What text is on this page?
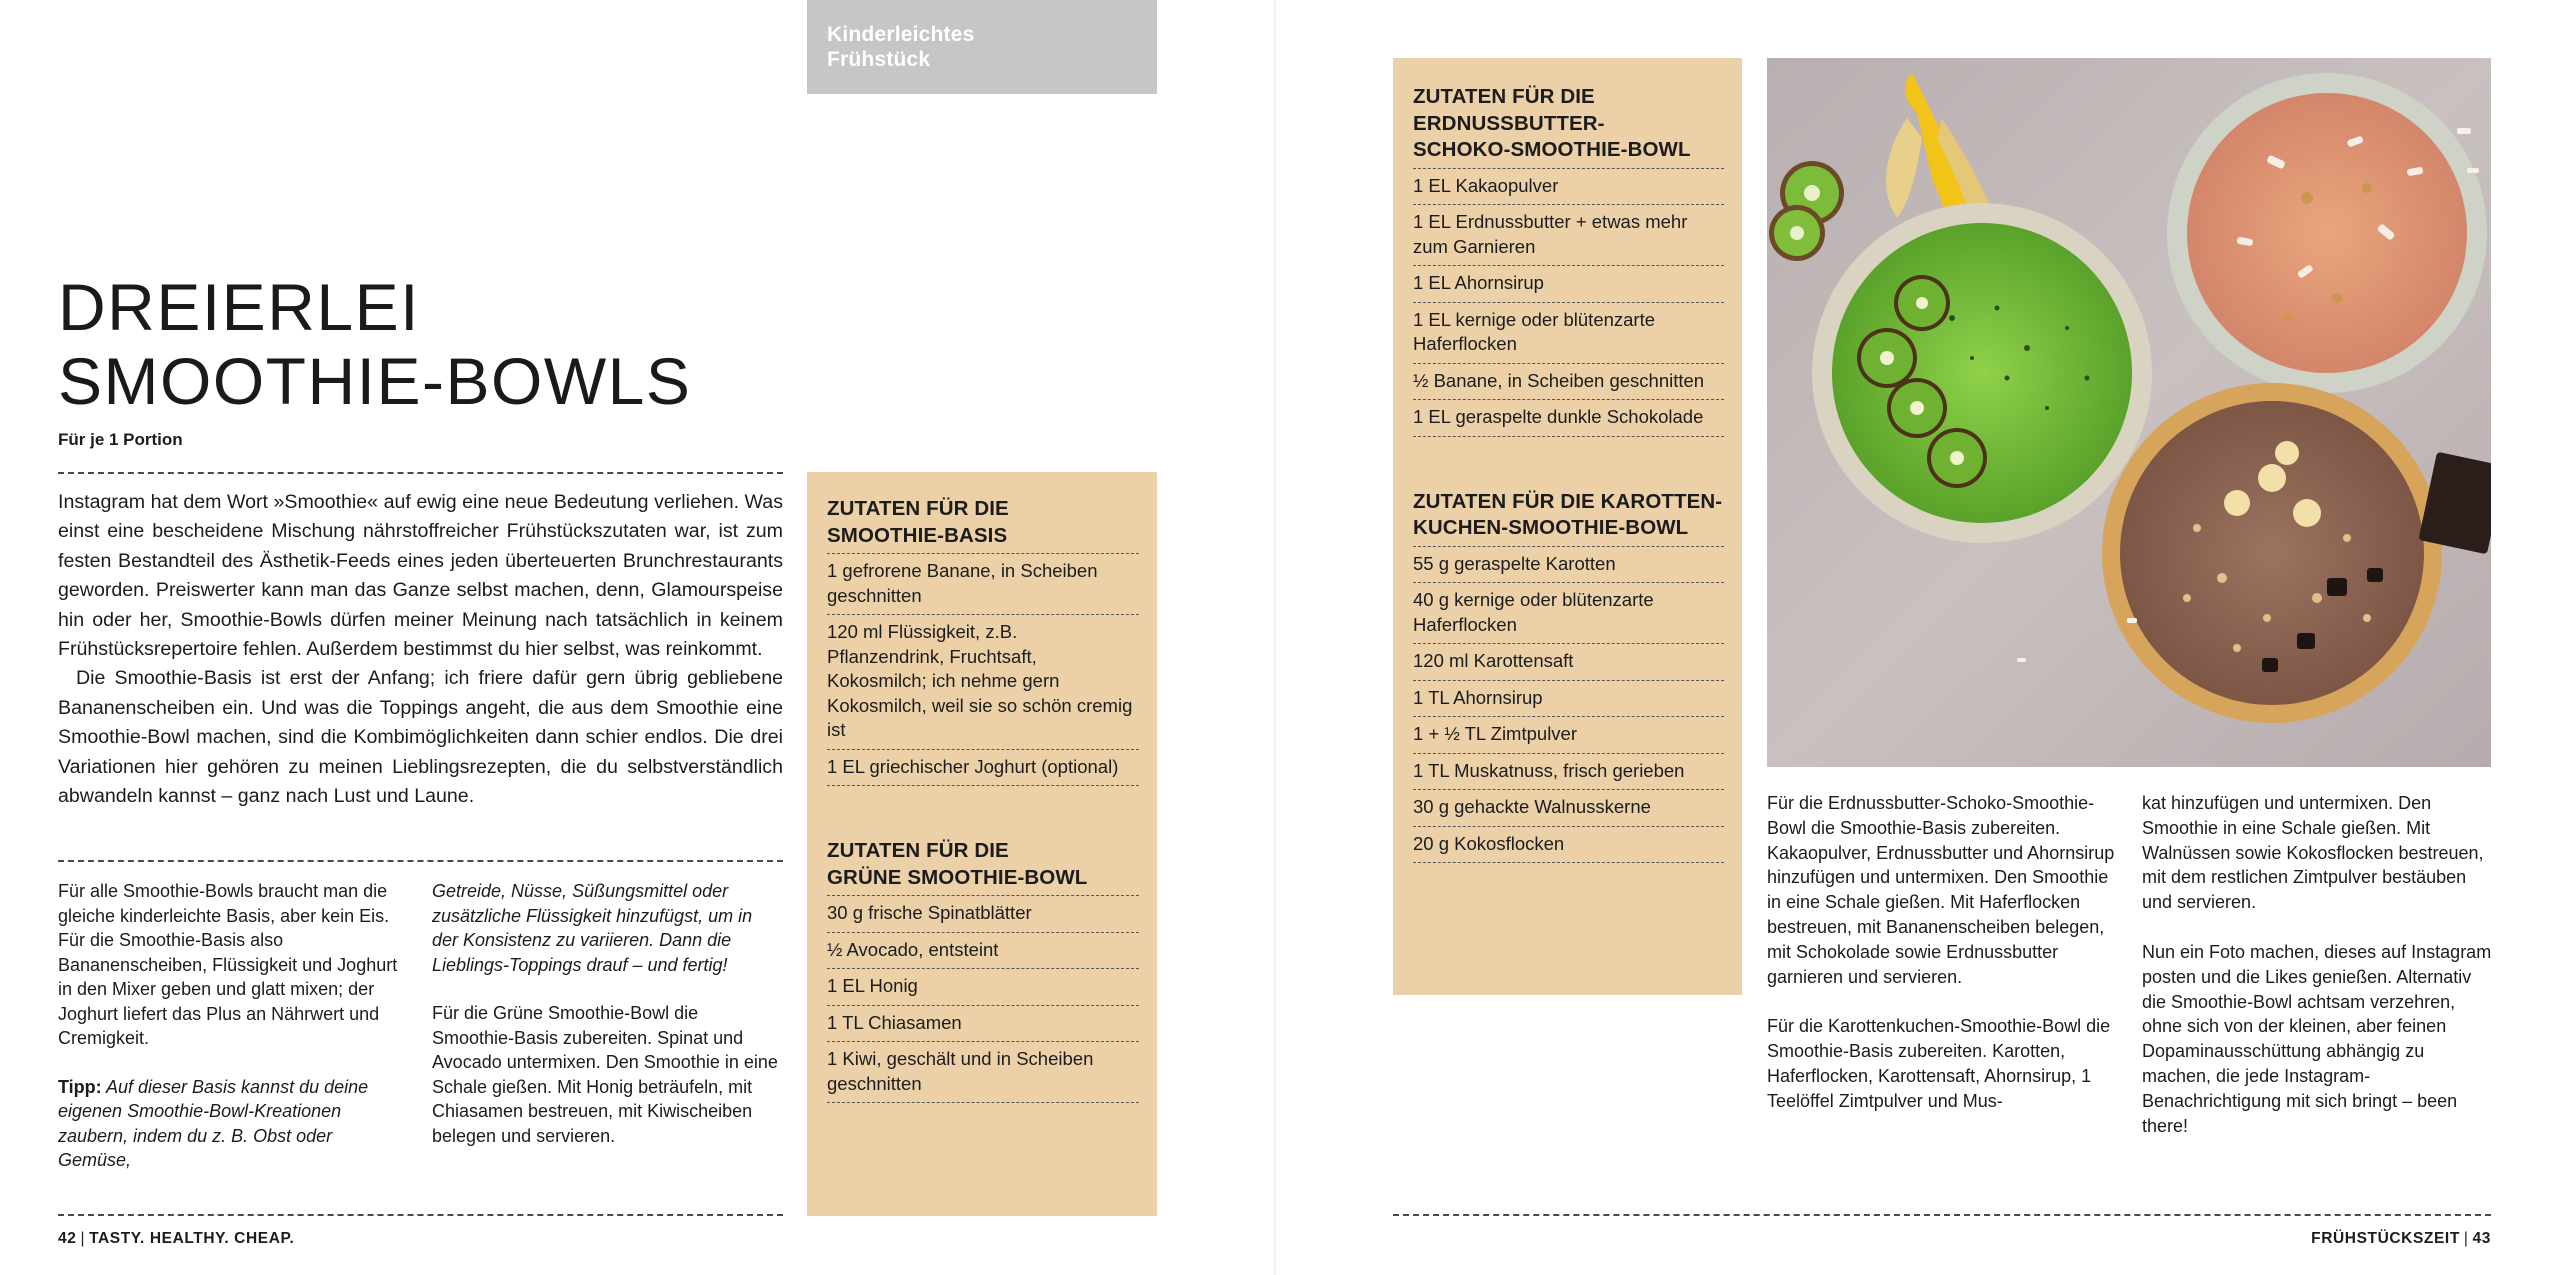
Kinderleichtes
Frühstück
DREIERLEI
SMOOTHIE-BOWLS
Für je 1 Portion

Instagram hat dem Wort »Smoothie« auf ewig eine neue Bedeutung verliehen. Was einst eine bescheidene Mischung nährstoffreicher Frühstückszutaten war, ist zum festen Bestandteil des Ästhetik-Feeds eines jeden überteuerten Brunchrestaurants geworden. Preiswerter kann man das Ganze selbst machen, denn, Glamourspeise hin oder her, Smoothie-Bowls dürfen meiner Meinung nach tatsächlich in keinem Frühstücksrepertoire fehlen. Außerdem bestimmst du hier selbst, was reinkommt.

Die Smoothie-Basis ist erst der Anfang; ich friere dafür gern übrig gebliebene Bananenscheiben ein. Und was die Toppings angeht, die aus dem Smoothie eine Smoothie-Bowl machen, sind die Kombimöglichkeiten dann schier endlos. Die drei Variationen hier gehören zu meinen Lieblingsrezepten, die du selbstverständlich abwandeln kannst – ganz nach Lust und Laune.

Für alle Smoothie-Bowls braucht man die gleiche kinderleichte Basis, aber kein Eis. Für die Smoothie-Basis also Bananenscheiben, Flüssigkeit und Joghurt in den Mixer geben und glatt mixen; der Joghurt liefert das Plus an Nährwert und Cremigkeit.

Tipp: Auf dieser Basis kannst du deine eigenen Smoothie-Bowl-Kreationen zaubern, indem du z. B. Obst oder Gemüse,

Getreide, Nüsse, Süßungsmittel oder zusätzliche Flüssigkeit hinzufügst, um in der Konsistenz zu variieren. Dann die Lieblings-Toppings drauf – und fertig!

Für die Grüne Smoothie-Bowl die Smoothie-Basis zubereiten. Spinat und Avocado untermixen. Den Smoothie in eine Schale gießen. Mit Honig beträufeln, mit Chiasamen bestreuen, mit Kiwischeiben belegen und servieren.

ZUTATEN FÜR DIE
SMOOTHIE-BASIS
1 gefrorene Banane, in Scheiben geschnitten
120 ml Flüssigkeit, z.B. Pflanzendrink, Fruchtsaft, Kokosmilch; ich nehme gern Kokosmilch, weil sie so schön cremig ist
1 EL griechischer Joghurt (optional)
ZUTATEN FÜR DIE
GRÜNE SMOOTHIE-BOWL
30 g frische Spinatblätter
½ Avocado, entsteint
1 EL Honig
1 TL Chiasamen
1 Kiwi, geschält und in Scheiben geschnitten
42 | TASTY. HEALTHY. CHEAP.
ZUTATEN FÜR DIE
ERDNUSSBUTTER-
SCHOKO-SMOOTHIE-BOWL
1 EL Kakaopulver
1 EL Erdnussbutter + etwas mehr zum Garnieren
1 EL Ahornsirup
1 EL kernige oder blütenzarte Haferflocken
½ Banane, in Scheiben geschnitten
1 EL geraspelte dunkle Schokolade
ZUTATEN FÜR DIE KAROTTEN-
KUCHEN-SMOOTHIE-BOWL
55 g geraspelte Karotten
40 g kernige oder blütenzarte Haferflocken
120 ml Karottensaft
1 TL Ahornsirup
1 + ½ TL Zimtpulver
1 TL Muskatnuss, frisch gerieben
30 g gehackte Walnusskerne
20 g Kokosflocken

Für die Erdnussbutter-Schoko-Smoothie-Bowl die Smoothie-Basis zubereiten. Kakaopulver, Erdnussbutter und Ahornsirup hinzufügen und untermixen. Den Smoothie in eine Schale gießen. Mit Haferflocken bestreuen, mit Bananenscheiben belegen, mit Schokolade sowie Erdnussbutter garnieren und servieren.

Für die Karottenkuchen-Smoothie-Bowl die Smoothie-Basis zubereiten. Karotten, Haferflocken, Karottensaft, Ahornsirup, 1 Teelöffel Zimtpulver und Mus-

kat hinzufügen und untermixen. Den Smoothie in eine Schale gießen. Mit Walnüssen sowie Kokosflocken bestreuen, mit dem restlichen Zimtpulver bestäuben und servieren.

Nun ein Foto machen, dieses auf Instagram posten und die Likes genießen. Alternativ die Smoothie-Bowl achtsam verzehren, ohne sich von der kleinen, aber feinen Dopaminausschüttung abhängig zu machen, die jede Instagram-Benachrichtigung mit sich bringt – been there!

FRÜHSTÜCKSZEIT | 43
